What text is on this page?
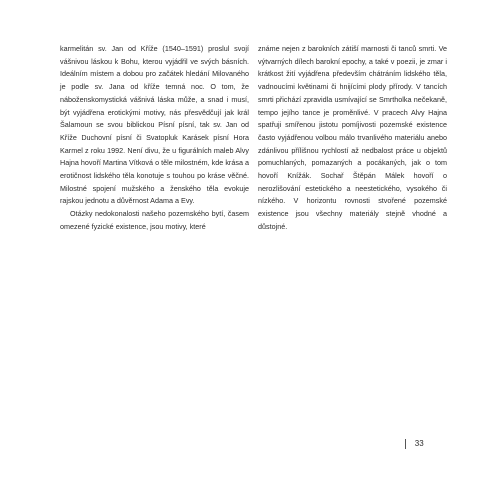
karmelitán sv. Jan od Kříže (1540–1591) proslul svojí vášnivou láskou k Bohu, kterou vyjádřil ve svých básních. Ideálním místem a dobou pro začátek hledání Milovaného je podle sv. Jana od kříže temná noc. O tom, že náboženskomystická vášnivá láska může, a snad i musí, být vyjádřena erotickými motivy, nás přesvědčují jak král Šalamoun se svou biblickou Písní písní, tak sv. Jan od Kříže Duchovní písní či Svatopluk Karásek písní Hora Karmel z roku 1992. Není divu, že u figurálních maleb Alvy Hajna hovoří Martina Vítková o těle milostném, kde krása a erotičnost lidského těla konotuje s touhou po kráse věčné. Milostné spojení mužského a ženského těla evokuje rajskou jednotu a důvěrnost Adama a Evy.

Otázky nedokonalosti našeho pozemského bytí, časem omezené fyzické existence, jsou motivy, které

známe nejen z barokních zátiší marnosti či tanců smrti. Ve výtvarných dílech barokní epochy, a také v poezii, je zmar i krátkost žití vyjádřena především chátráním lidského těla, vadnoucími květinami či hnijícími plody přírody. V tancích smrti přichází zpravidla usmívající se Smrtholka nečekaně, tempo jejího tance je proměnlivé. V pracech Alvy Hajna spatřuji smířenou jistotu pomíjivosti pozemské existence často vyjádřenou volbou málo trvanlivého materiálu anebo zdánlivou přílišnou rychlostí až nedbalost práce u objektů pomuchlaných, pomazaných a pocákaných, jak o tom hovoří Knížák. Sochař Štěpán Málek hovoří o nerozlišování estetického a neestetického, vysokého či nízkého. V horizontu rovnosti stvořené pozemské existence jsou všechny materiály stejně vhodné a důstojné.

33
